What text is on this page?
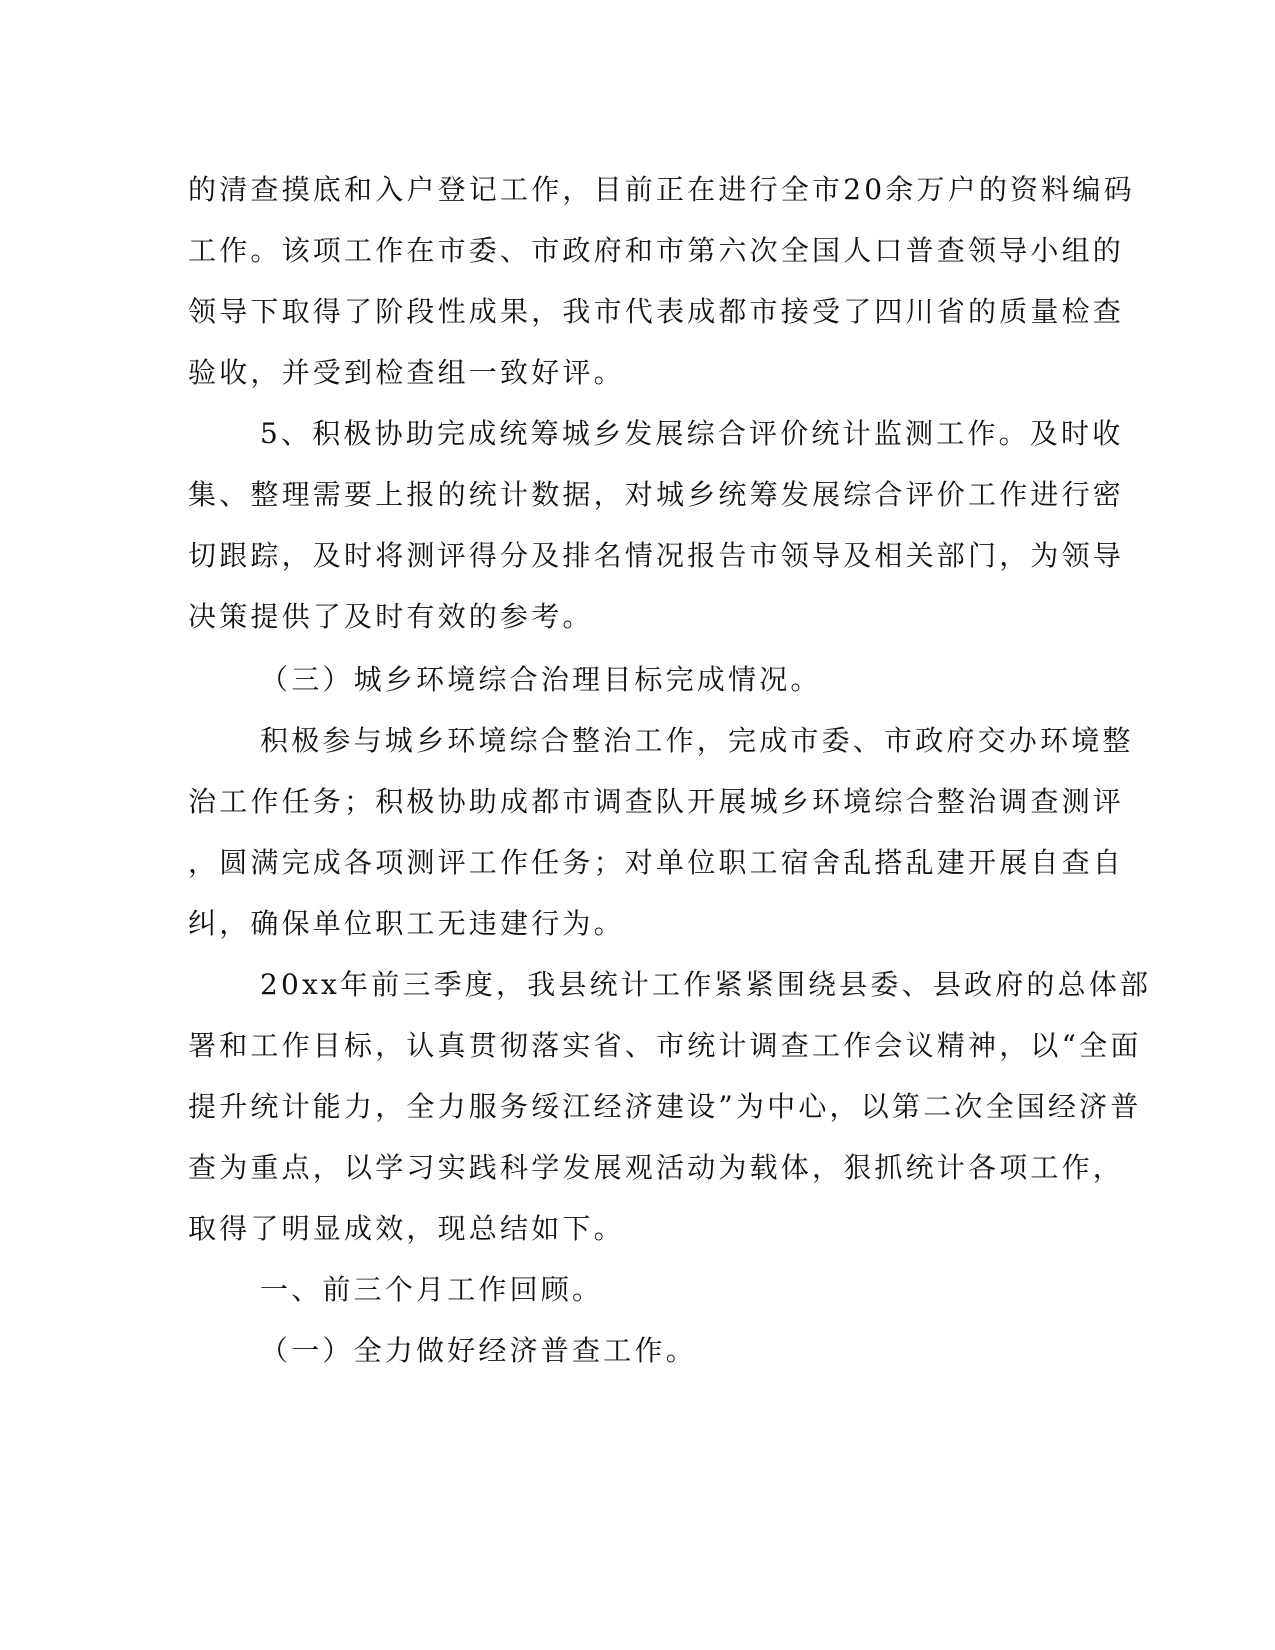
的清查摸底和入户登记工作，目前正在进行全市20余万户的资料编码

工作。该项工作在市委、市政府和市第六次全国人口普查领导小组的

领导下取得了阶段性成果，我市代表成都市接受了四川省的质量检查

验收，并受到检查组一致好评。

5、积极协助完成统筹城乡发展综合评价统计监测工作。及时收

集、整理需要上报的统计数据，对城乡统筹发展综合评价工作进行密

切跟踪，及时将测评得分及排名情况报告市领导及相关部门，为领导

决策提供了及时有效的参考。

（三）城乡环境综合治理目标完成情况。

积极参与城乡环境综合整治工作，完成市委、市政府交办环境整

治工作任务；积极协助成都市调查队开展城乡环境综合整治调查测评

，圆满完成各项测评工作任务；对单位职工宿舍乱搭乱建开展自查自

纠，确保单位职工无违建行为。

20xx年前三季度，我县统计工作紧紧围绕县委、县政府的总体部

署和工作目标，认真贯彻落实省、市统计调查工作会议精神，以“全面

提升统计能力，全力服务绥江经济建设”为中心，以第二次全国经济普

查为重点，以学习实践科学发展观活动为载体，狠抓统计各项工作，

取得了明显成效，现总结如下。

一、前三个月工作回顾。

（一）全力做好经济普查工作。
